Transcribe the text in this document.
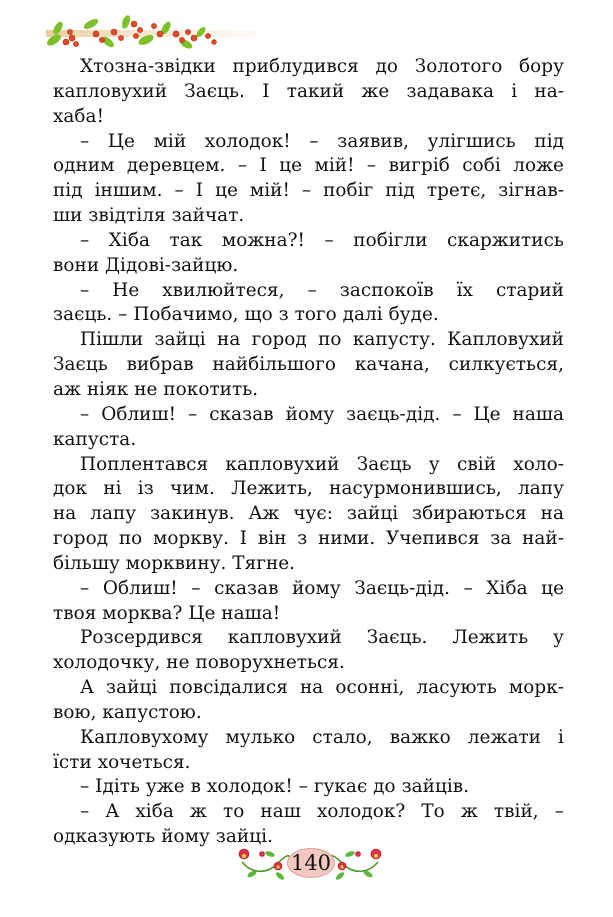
Хтозна-звідки приблудився до Золотого бору
капловухий Заєць. І такий же задавака і на-
хаба!
– Це мій холодок! – заявив, улігшись під
одним деревцем. – І це мій! – вигріб собі ложе
під іншим. – І це мій! – побіг під третє, зігнав-
ши звідтіля зайчат.
– Хіба так можна?! – побігли скаржитись
вони Дідові-зайцю.
– Не хвилюйтеся, – заспокоїв їх старий
заєць. – Побачимо, що з того далі буде.
Пішли зайці на город по капусту. Капловухий
Заєць вибрав найбільшого качана, силкується,
аж ніяк не покотить.
– Облиш! – сказав йому заєць-дід. – Це наша
капуста.
Поплентався капловухий Заєць у свій холо-
док ні із чим. Лежить, насурмонившись, лапу
на лапу закинув. Аж чує: зайці збираються на
город по моркву. І він з ними. Учепився за най-
більшу морквину. Тягне.
– Облиш! – сказав йому Заєць-дід. – Хіба це
твоя морква? Це наша!
Розсердився капловухий Заєць. Лежить у
холодочку, не поворухнеться.
А зайці повсідалися на осонні, ласують морк-
вою, капустою.
Капловухому мулько стало, важко лежати і
їсти хочеться.
– Ідіть уже в холодок! – гукає до зайців.
– А хіба ж то наш холодок? То ж твій, –
одказують йому зайці.
140
